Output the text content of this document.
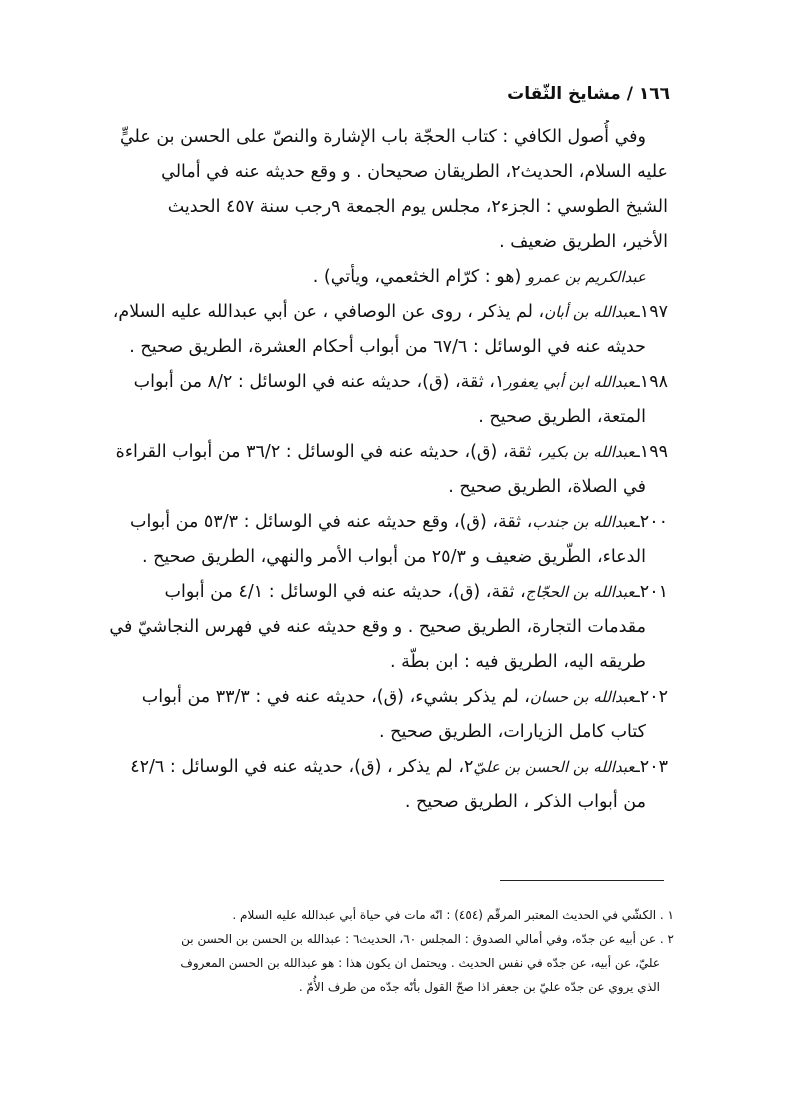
١٦٦ / مشايخ الثّقات
وفي أُصول الكافي : كتاب الحجّة باب الإشارة والنصّ على الحسن بن عليٍّ
عليه السلام، الحديث٢، الطريقان صحيحان . و وقع حديثه عنه في أمالي
الشيخ الطوسي : الجزء٢، مجلس يوم الجمعة ٩رجب سنة ٤٥٧ الحديث
الأخير، الطريق ضعيف .
عبدالكريم بن عمرو (هو : كرّام الخثعمي، ويأتي) .
١٩٧ـعبدالله بن أبان، لم يذكر ، روى عن الوصافي ، عن أبي عبدالله عليه السلام،
حديثه عنه في الوسائل : ٦٧/٦ من أبواب أحكام العشرة، الطريق صحيح .
١٩٨ـعبدالله ابن أبي يعفور١، ثقة، (ق)، حديثه عنه في الوسائل : ٨/٢ من أبواب
المتعة، الطريق صحيح .
١٩٩ـعبدالله بن بكير، ثقة، (ق)، حديثه عنه في الوسائل : ٣٦/٢ من أبواب القراءة
في الصلاة، الطريق صحيح .
٢٠٠ـعبدالله بن جندب، ثقة، (ق)، وقع حديثه عنه في الوسائل : ٥٣/٣ من أبواب
الدعاء، الطّريق ضعيف و ٢٥/٣ من أبواب الأمر والنهي، الطريق صحيح .
٢٠١ـعبدالله بن الحجّاج، ثقة، (ق)، حديثه عنه في الوسائل : ٤/١ من أبواب
مقدمات التجارة، الطريق صحيح . و وقع حديثه عنه في فهرس النجاشيّ في
طريقه اليه، الطريق فيه : ابن بطّة .
٢٠٢ـعبدالله بن حسان، لم يذكر بشيء، (ق)، حديثه عنه في : ٣٣/٣ من أبواب
كتاب كامل الزيارات، الطريق صحيح .
٢٠٣ـعبدالله بن الحسن بن عليّ٢، لم يذكر ، (ق)، حديثه عنه في الوسائل : ٤٢/٦
من أبواب الذكر ، الطريق صحيح .
١ . الكشّي في الحديث المعتبر المرقّم (٤٥٤) : انّه مات في حياة أبي عبدالله عليه السلام .
٢ . عن أبيه عن جدّه، وفي أمالي الصدوق : المجلس ٦٠، الحديث٦ : عبدالله بن الحسن بن الحسن بن
عليّ، عن أبيه، عن جدّه في نفس الحديث . ويحتمل ان يكون هذا : هو عبدالله بن الحسن المعروف
الذي يروي عن جدّه عليّ بن جعفر اذا صحّ القول بأنّه جدّه من طرف الأُمّ .
